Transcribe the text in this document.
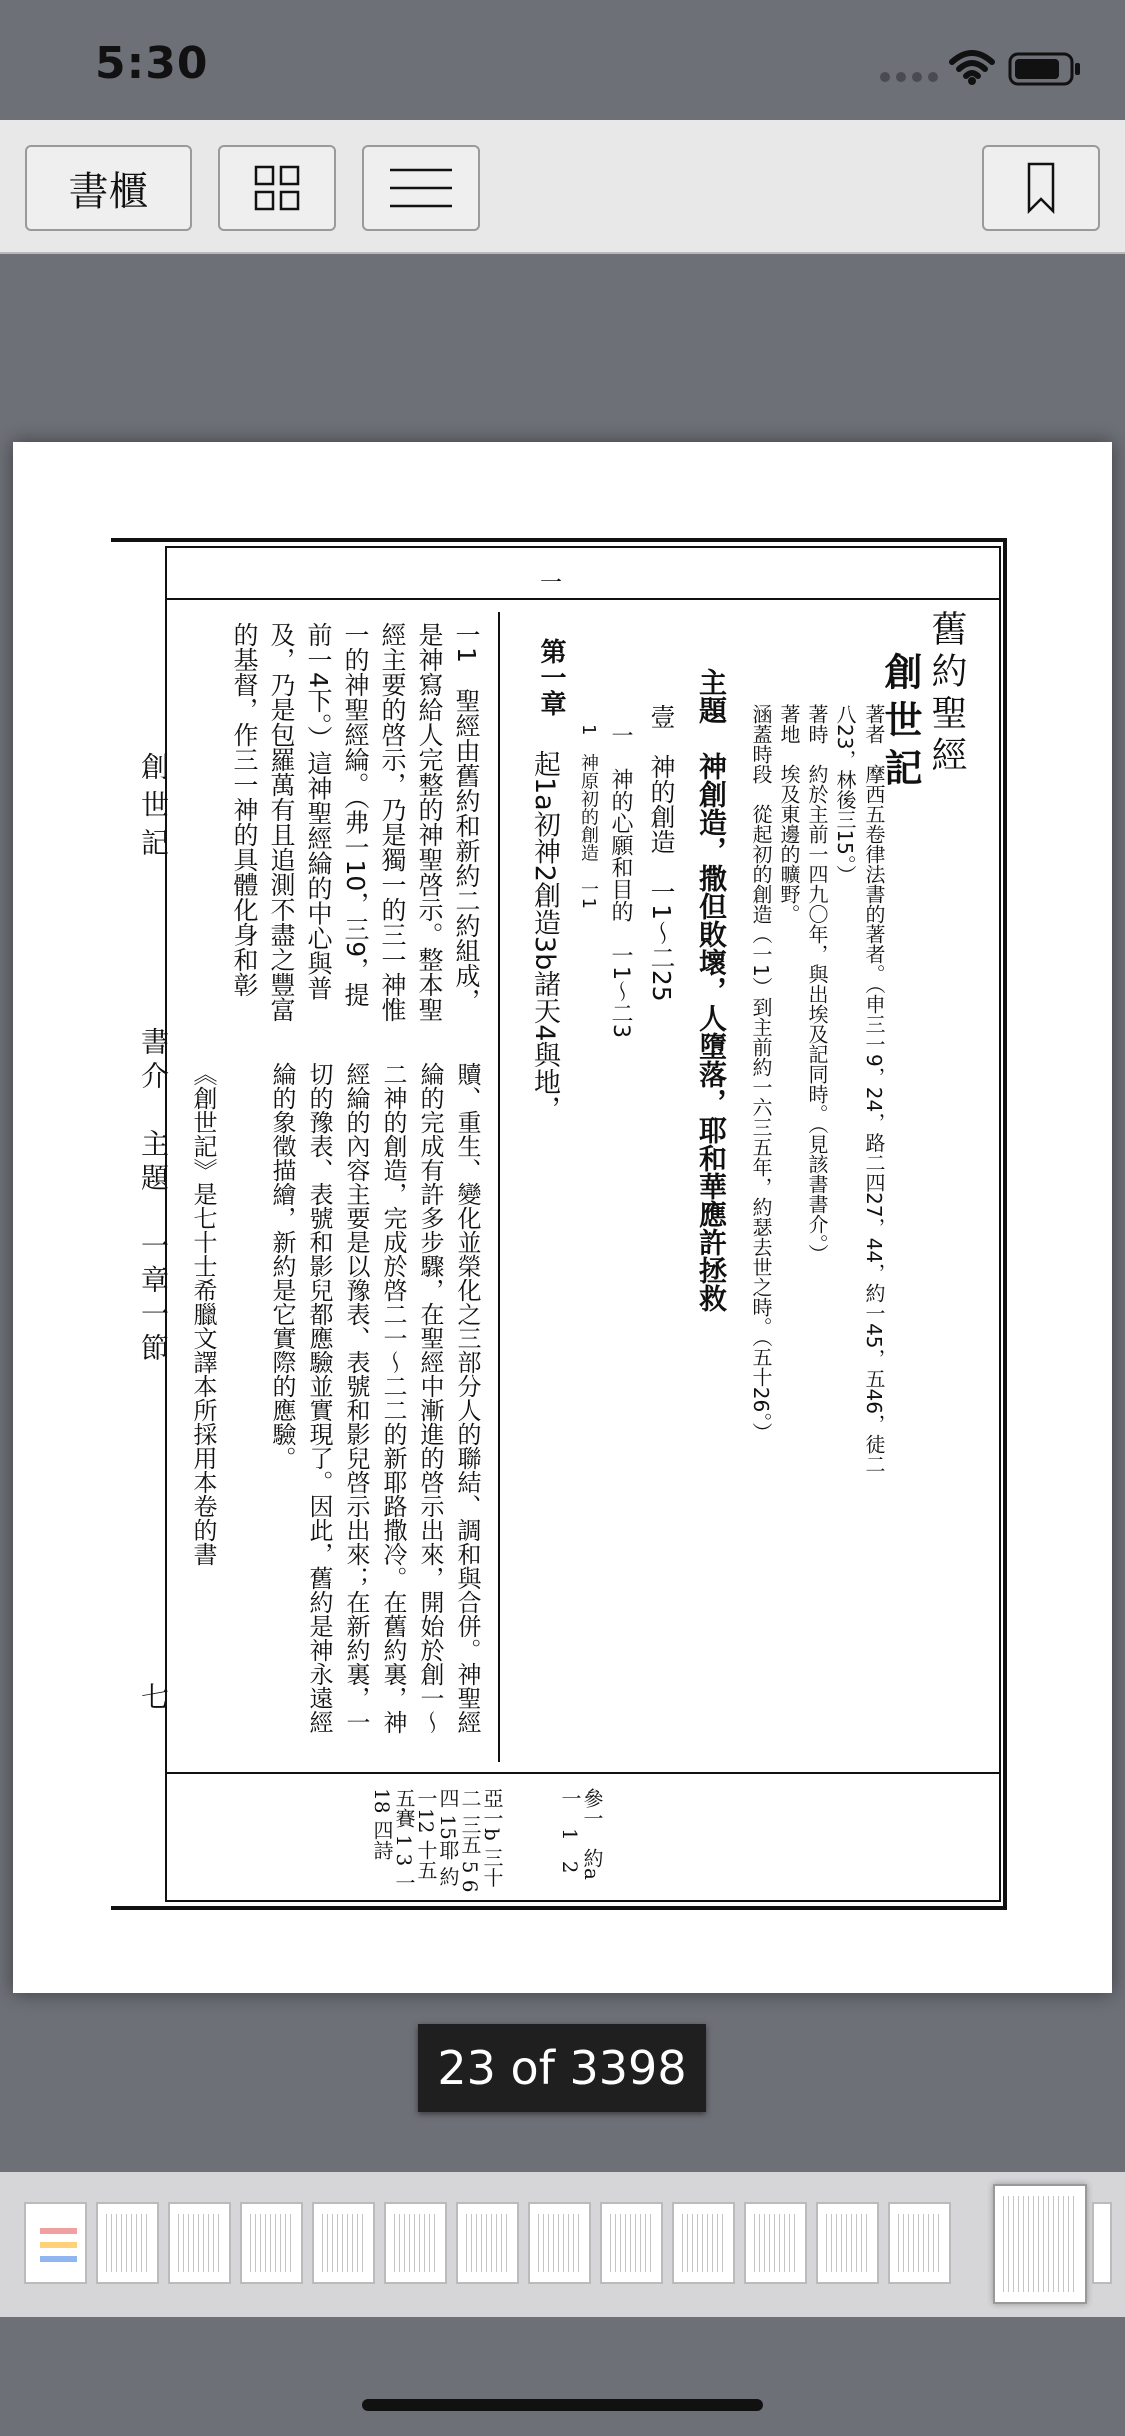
5:30
書櫃
一
創世記
書介　主題　一章一節
七
舊約聖經
創世記
著者　摩西五卷律法書的著者。（申三一9，24，路二四27，44，約一45，五46，徒二八23，林後三15。）
著時　約於主前一四九〇年，與出埃及記同時。（見該書書介。）
著地　埃及東邊的曠野。
涵蓋時段　從起初的創造（一1）到主前約一六三五年，約瑟去世之時。（五十26。）
主題　神創造，撒但敗壞，人墮落，耶和華應許拯救
壹　神的創造　一1～二25
一　神的心願和目的　一1～二3
1　神原初的創造　一1
第一章
起1a初神2創造3b諸天4與地，
一1　聖經由舊約和新約二約組成，是神寫給人完整的神聖啓示。整本聖經主要的啓示，乃是獨一的三一神惟一的神聖經綸。（弗一10，三9，提前一4下。）這神聖經綸的中心與普及，乃是包羅萬有且追測不盡之豐富的基督，作三一神的具體化身和彰
贖、重生、變化並榮化之三部分人的聯結、調和與合併。神聖經綸的完成有許多步驟，在聖經中漸進的啓示出來，開始於創一～二神的創造，完成於啓二一～二二的新耶路撒冷。在舊約裏，神經綸的內容主要是以豫表、表號和影兒啓示出來；在新約裏，一切的豫表、表號和影兒都應驗並實現了。因此，舊約是神永遠經綸的象徵描繪，新約是它實際的應驗。
《創世記》是七十士希臘文譯本所採用本卷的書
參一　約a　一　1　2
亞一b 三十 二 三五 5 6 四 15耶 約一12 十五 五賽 1 3 一18 四詩
23 of 3398
